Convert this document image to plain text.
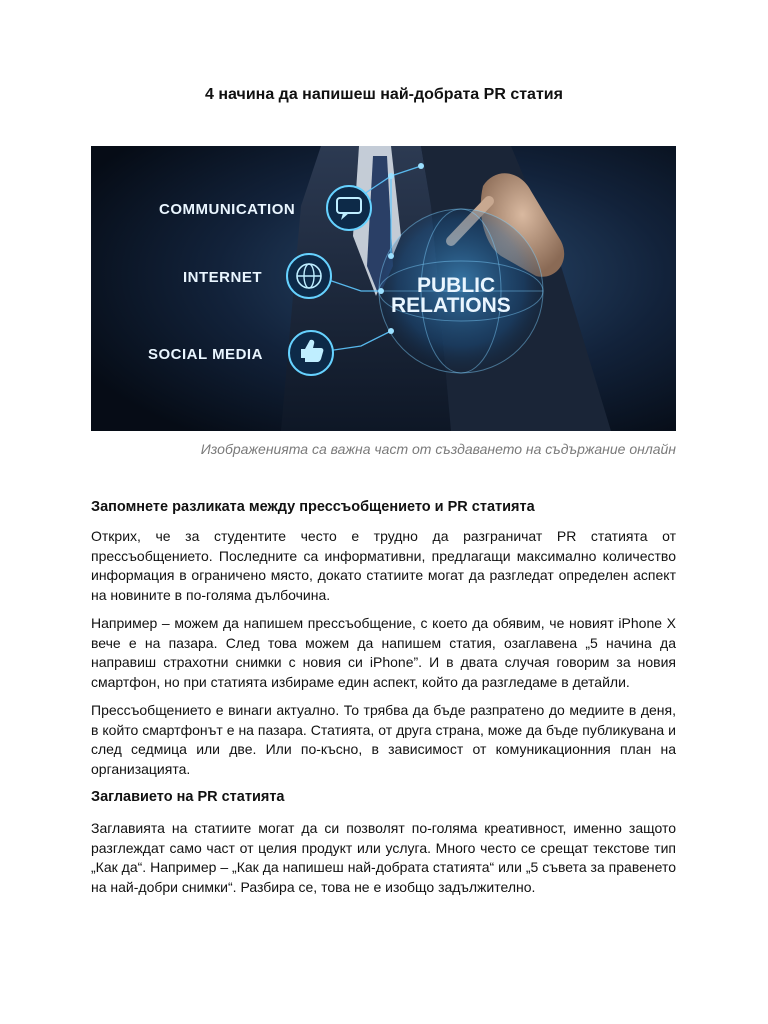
4 начина да напишеш най-добрата PR статия
COMMUNICATION
INTERNET
SOCIAL MEDIA
PUBLIC
RELATIONS
Изображенията са важна част от създаването на съдържание онлайн
Запомнете разликата между прессъобщението и PR статията

Открих, че за студентите често е трудно да разграничат PR статията от прессъобщението. Последните са информативни, предлагащи максимално количество информация в ограничено място, докато статиите могат да разгледат определен аспект на новините в по-голяма дълбочина.

Например – можем да напишем прессъобщение, с което да обявим, че новият iPhone X вече е на пазара. След това можем да напишем статия, озаглавена „5 начина да направиш страхотни снимки с новия си iPhone”. И в двата случая говорим за новия смартфон, но при статията избираме един аспект, който да разгледаме в детайли.

Прессъобщението е винаги актуално. То трябва да бъде разпратено до медиите в деня, в който смартфонът е на пазара. Статията, от друга страна, може да бъде публикувана и след седмица или две. Или по-късно, в зависимост от комуникационния план на организацията.

Заглавието на PR статията

Заглавията на статиите могат да си позволят по-голяма креативност, именно защото разглеждат само част от целия продукт или услуга. Много често се срещат текстове тип „Как да“. Например – „Как да напишеш най-добрата статията“ или „5 съвета за правенето на най-добри снимки“. Разбира се, това не е изобщо задължително.
